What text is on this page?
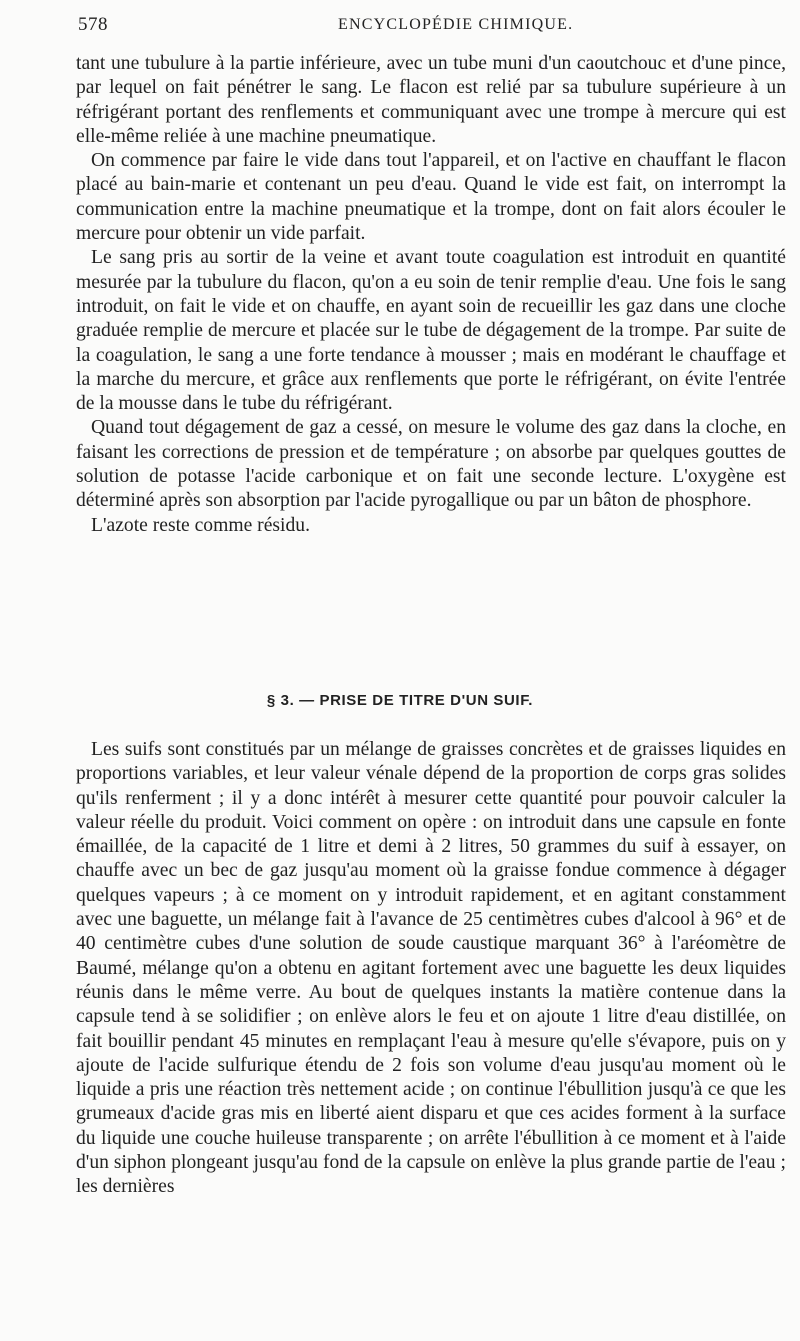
578	ENCYCLOPÉDIE CHIMIQUE.

tant une tubulure à la partie inférieure, avec un tube muni d'un caoutchouc et d'une pince, par lequel on fait pénétrer le sang. Le flacon est relié par sa tubulure supérieure à un réfrigérant portant des renflements et communiquant avec une trompe à mercure qui est elle-même reliée à une machine pneumatique.

On commence par faire le vide dans tout l'appareil, et on l'active en chauffant le flacon placé au bain-marie et contenant un peu d'eau. Quand le vide est fait, on interrompt la communication entre la machine pneumatique et la trompe, dont on fait alors écouler le mercure pour obtenir un vide parfait.

Le sang pris au sortir de la veine et avant toute coagulation est introduit en quantité mesurée par la tubulure du flacon, qu'on a eu soin de tenir remplie d'eau. Une fois le sang introduit, on fait le vide et on chauffe, en ayant soin de recueillir les gaz dans une cloche graduée remplie de mercure et placée sur le tube de dégagement de la trompe. Par suite de la coagulation, le sang a une forte tendance à mousser ; mais en modérant le chauffage et la marche du mercure, et grâce aux renflements que porte le réfrigérant, on évite l'entrée de la mousse dans le tube du réfrigérant.

Quand tout dégagement de gaz a cessé, on mesure le volume des gaz dans la cloche, en faisant les corrections de pression et de température ; on absorbe par quelques gouttes de solution de potasse l'acide carbonique et on fait une seconde lecture. L'oxygène est déterminé après son absorption par l'acide pyrogallique ou par un bâton de phosphore.

L'azote reste comme résidu.

§ 3. — PRISE DE TITRE D'UN SUIF.

Les suifs sont constitués par un mélange de graisses concrètes et de graisses liquides en proportions variables, et leur valeur vénale dépend de la proportion de corps gras solides qu'ils renferment ; il y a donc intérêt à mesurer cette quantité pour pouvoir calculer la valeur réelle du produit. Voici comment on opère : on introduit dans une capsule en fonte émaillée, de la capacité de 1 litre et demi à 2 litres, 50 grammes du suif à essayer, on chauffe avec un bec de gaz jusqu'au moment où la graisse fondue commence à dégager quelques vapeurs ; à ce moment on y introduit rapidement, et en agitant constamment avec une baguette, un mélange fait à l'avance de 25 centimètres cubes d'alcool à 96° et de 40 centimètre cubes d'une solution de soude caustique marquant 36° à l'aréomètre de Baumé, mélange qu'on a obtenu en agitant fortement avec une baguette les deux liquides réunis dans le même verre. Au bout de quelques instants la matière contenue dans la capsule tend à se solidifier ; on enlève alors le feu et on ajoute 1 litre d'eau distillée, on fait bouillir pendant 45 minutes en remplaçant l'eau à mesure qu'elle s'évapore, puis on y ajoute de l'acide sulfurique étendu de 2 fois son volume d'eau jusqu'au moment où le liquide a pris une réaction très nettement acide ; on continue l'ébullition jusqu'à ce que les grumeaux d'acide gras mis en liberté aient disparu et que ces acides forment à la surface du liquide une couche huileuse transparente ; on arrête l'ébullition à ce moment et à l'aide d'un siphon plongeant jusqu'au fond de la capsule on enlève la plus grande partie de l'eau ; les dernières
